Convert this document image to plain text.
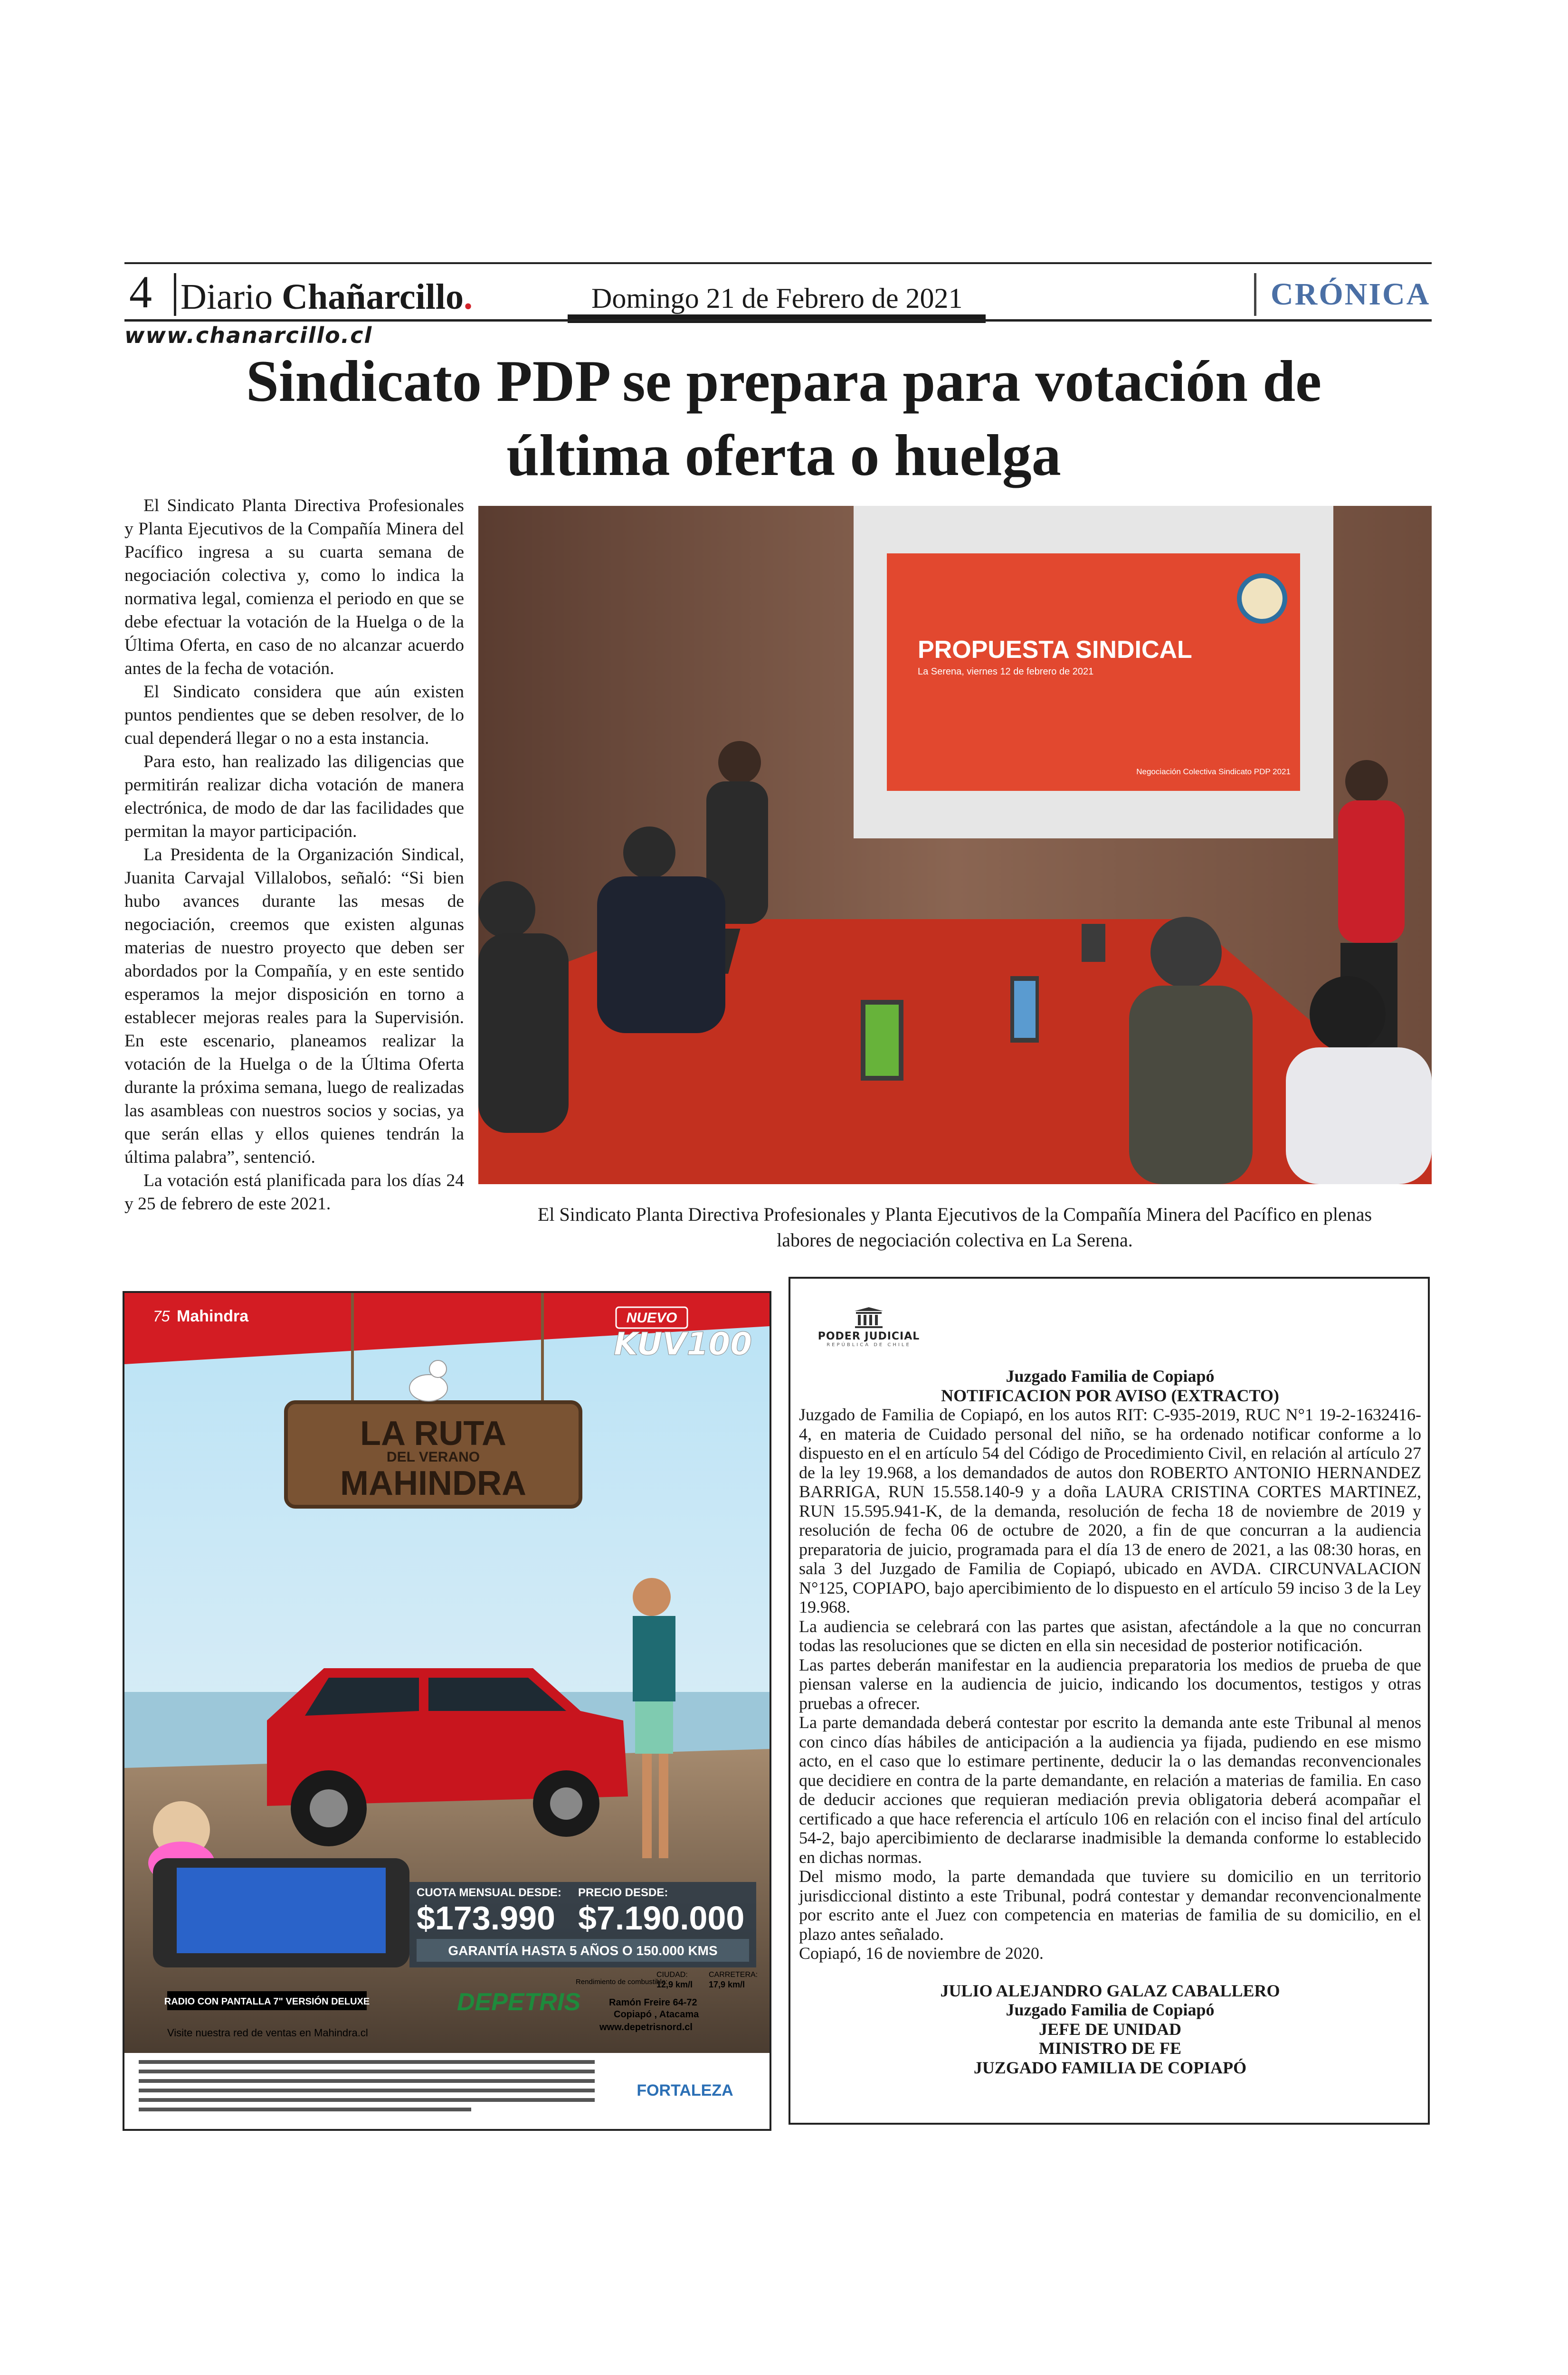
4 Diario Chañarcillo.	Domingo 21 de Febrero de 2021	CRÓNICA
www.chanarcillo.cl
Sindicato PDP se prepara para votación de última oferta o huelga

El Sindicato Planta Directiva Profesionales y Planta Ejecutivos de la Compañía Minera del Pacífico ingresa a su cuarta semana de negociación colectiva y, como lo indica la normativa legal, comienza el periodo en que se debe efectuar la votación de la Huelga o de la Última Oferta, en caso de no alcanzar acuerdo antes de la fecha de votación.

El Sindicato considera que aún existen puntos pendientes que se deben resolver, de lo cual dependerá llegar o no a esta instancia.

Para esto, han realizado las diligencias que permitirán realizar dicha votación de manera electrónica, de modo de dar las facilidades que permitan la mayor participación.

La Presidenta de la Organización Sindical, Juanita Carvajal Villalobos, señaló: “Si bien hubo avances durante las mesas de negociación, creemos que existen algunas materias de nuestro proyecto que deben ser abordados por la Compañía, y en este sentido esperamos la mejor disposición en torno a establecer mejoras reales para la Supervisión. En este escenario, planeamos realizar la votación de la Huelga o de la Última Oferta durante la próxima semana, luego de realizadas las asambleas con nuestros socios y socias, ya que serán ellas y ellos quienes tendrán la última palabra”, sentenció.

La votación está planificada para los días 24 y 25 de febrero de este 2021.

PROPUESTA SINDICAL
La Serena, viernes 12 de febrero de 2021
Negociación Colectiva Sindicato PDP 2021
El Sindicato Planta Directiva Profesionales y Planta Ejecutivos de la Compañía Minera del Pacífico en plenas labores de negociación colectiva en La Serena.
75 Mahindra	NUEVO
KUV100
LA RUTA
DEL VERANO
MAHINDRA
CUOTA MENSUAL DESDE:
$173.990
PRECIO DESDE:
$7.190.000
GARANTÍA HASTA 5 AÑOS O 150.000 KMS
RADIO CON PANTALLA 7" VERSIÓN DELUXE	DEPETRIS
Rendimiento de combustible:
CIUDAD:
12,9 km/l
CARRETERA:
17,9 km/l
Ramón Freire 64-72
Copiapó , Atacama
www.depetrisnord.cl
Visite nuestra red de ventas en Mahindra.cl
FORTALEZA
PODER JUDICIAL
REPÚBLICA DE CHILE

Juzgado Familia de Copiapó

NOTIFICACION POR AVISO (EXTRACTO)

Juzgado de Familia de Copiapó, en los autos RIT: C-935-2019, RUC N°1 19-2-1632416-4, en materia de Cuidado personal del niño, se ha ordenado notificar conforme a lo dispuesto en el en artículo 54 del Código de Procedimiento Civil, en relación al artículo 27 de la ley 19.968, a los demandados de autos don ROBERTO ANTONIO HERNANDEZ BARRIGA, RUN 15.558.140-9 y a doña LAURA CRISTINA CORTES MARTINEZ, RUN 15.595.941-K, de la demanda, resolución de fecha 18 de noviembre de 2019 y resolución de fecha 06 de octubre de 2020, a fin de que concurran a la audiencia preparatoria de juicio, programada para el día 13 de enero de 2021, a las 08:30 horas, en sala 3 del Juzgado de Familia de Copiapó, ubicado en AVDA. CIRCUNVALACION N°125, COPIAPO, bajo apercibimiento de lo dispuesto en el artículo 59 inciso 3 de la Ley 19.968.

La audiencia se celebrará con las partes que asistan, afectándole a la que no concurran todas las resoluciones que se dicten en ella sin necesidad de posterior notificación.

Las partes deberán manifestar en la audiencia preparatoria los medios de prueba de que piensan valerse en la audiencia de juicio, indicando los documentos, testigos y otras pruebas a ofrecer.

La parte demandada deberá contestar por escrito la demanda ante este Tribunal al menos con cinco días hábiles de anticipación a la audiencia ya fijada, pudiendo en ese mismo acto, en el caso que lo estimare pertinente, deducir la o las demandas reconvencionales que decidiere en contra de la parte demandante, en relación a materias de familia. En caso de deducir acciones que requieran mediación previa obligatoria deberá acompañar el certificado a que hace referencia el artículo 106 en relación con el inciso final del artículo 54-2, bajo apercibimiento de declararse inadmisible la demanda conforme lo establecido en dichas normas.

Del mismo modo, la parte demandada que tuviere su domicilio en un territorio jurisdiccional distinto a este Tribunal, podrá contestar y demandar reconvencionalmente por escrito ante el Juez con competencia en materias de familia de su domicilio, en el plazo antes señalado.

Copiapó, 16 de noviembre de 2020.

JULIO ALEJANDRO GALAZ CABALLERO

Juzgado Familia de Copiapó

JEFE DE UNIDAD

MINISTRO DE FE

JUZGADO FAMILIA DE COPIAPÓ
